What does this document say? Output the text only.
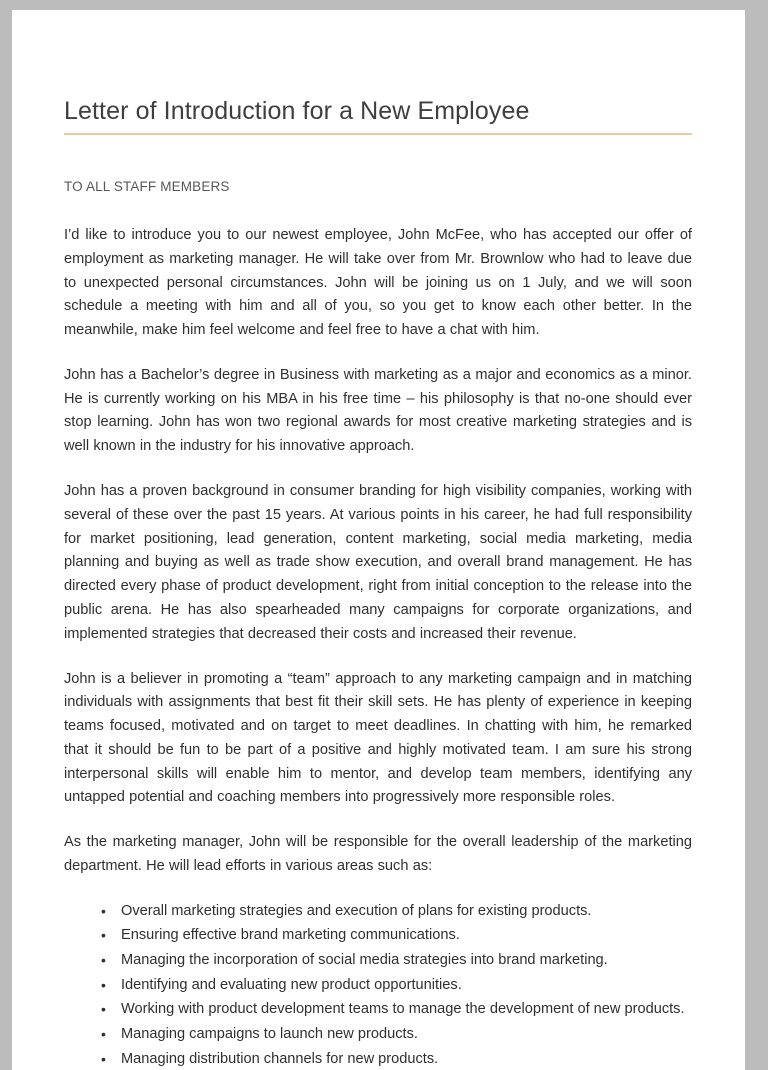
Letter of Introduction for a New Employee

TO ALL STAFF MEMBERS

I’d like to introduce you to our newest employee, John McFee, who has accepted our offer of employment as marketing manager. He will take over from Mr. Brownlow who had to leave due to unexpected personal circumstances. John will be joining us on 1 July, and we will soon schedule a meeting with him and all of you, so you get to know each other better. In the meanwhile, make him feel welcome and feel free to have a chat with him.

John has a Bachelor’s degree in Business with marketing as a major and economics as a minor. He is currently working on his MBA in his free time – his philosophy is that no-one should ever stop learning. John has won two regional awards for most creative marketing strategies and is well known in the industry for his innovative approach.

John has a proven background in consumer branding for high visibility companies, working with several of these over the past 15 years. At various points in his career, he had full responsibility for market positioning, lead generation, content marketing, social media marketing, media planning and buying as well as trade show execution, and overall brand management. He has directed every phase of product development, right from initial conception to the release into the public arena. He has also spearheaded many campaigns for corporate organizations, and implemented strategies that decreased their costs and increased their revenue.

John is a believer in promoting a “team” approach to any marketing campaign and in matching individuals with assignments that best fit their skill sets. He has plenty of experience in keeping teams focused, motivated and on target to meet deadlines. In chatting with him, he remarked that it should be fun to be part of a positive and highly motivated team. I am sure his strong interpersonal skills will enable him to mentor, and develop team members, identifying any untapped potential and coaching members into progressively more responsible roles.

As the marketing manager, John will be responsible for the overall leadership of the marketing department. He will lead efforts in various areas such as:

• Overall marketing strategies and execution of plans for existing products.
• Ensuring effective brand marketing communications.
• Managing the incorporation of social media strategies into brand marketing.
• Identifying and evaluating new product opportunities.
• Working with product development teams to manage the development of new products.
• Managing campaigns to launch new products.
• Managing distribution channels for new products.
